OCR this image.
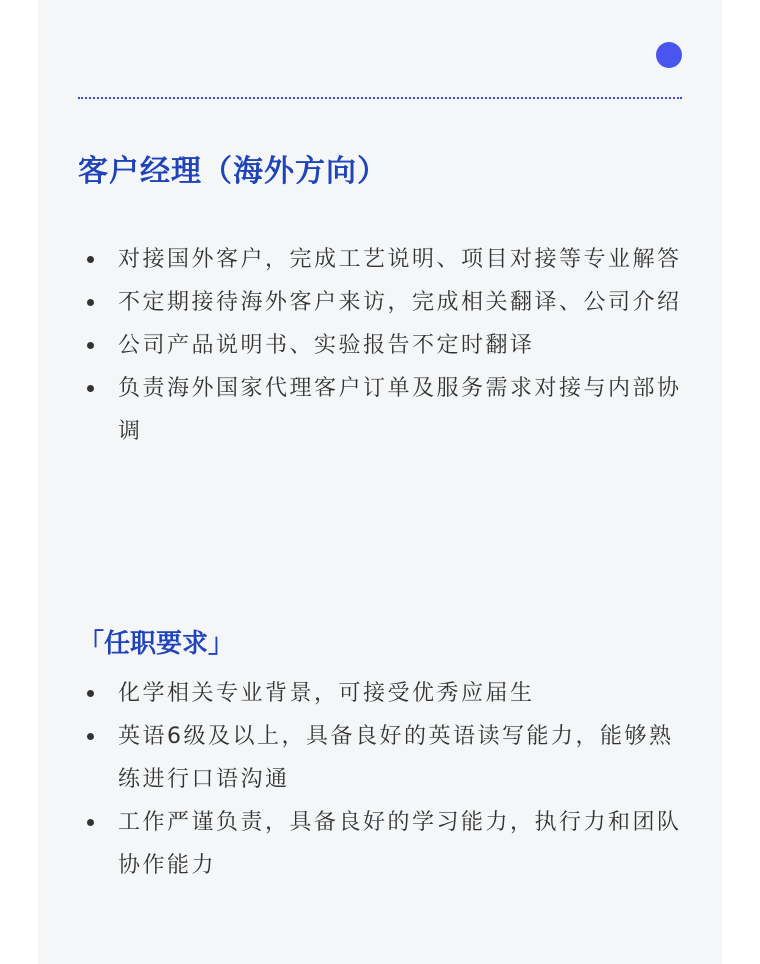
客户经理（海外方向）
对接国外客户，完成工艺说明、项目对接等专业解答
不定期接待海外客户来访，完成相关翻译、公司介绍
公司产品说明书、实验报告不定时翻译
负责海外国家代理客户订单及服务需求对接与内部协调
「任职要求」
化学相关专业背景，可接受优秀应届生
英语6级及以上，具备良好的英语读写能力，能够熟练进行口语沟通
工作严谨负责，具备良好的学习能力，执行力和团队协作能力
